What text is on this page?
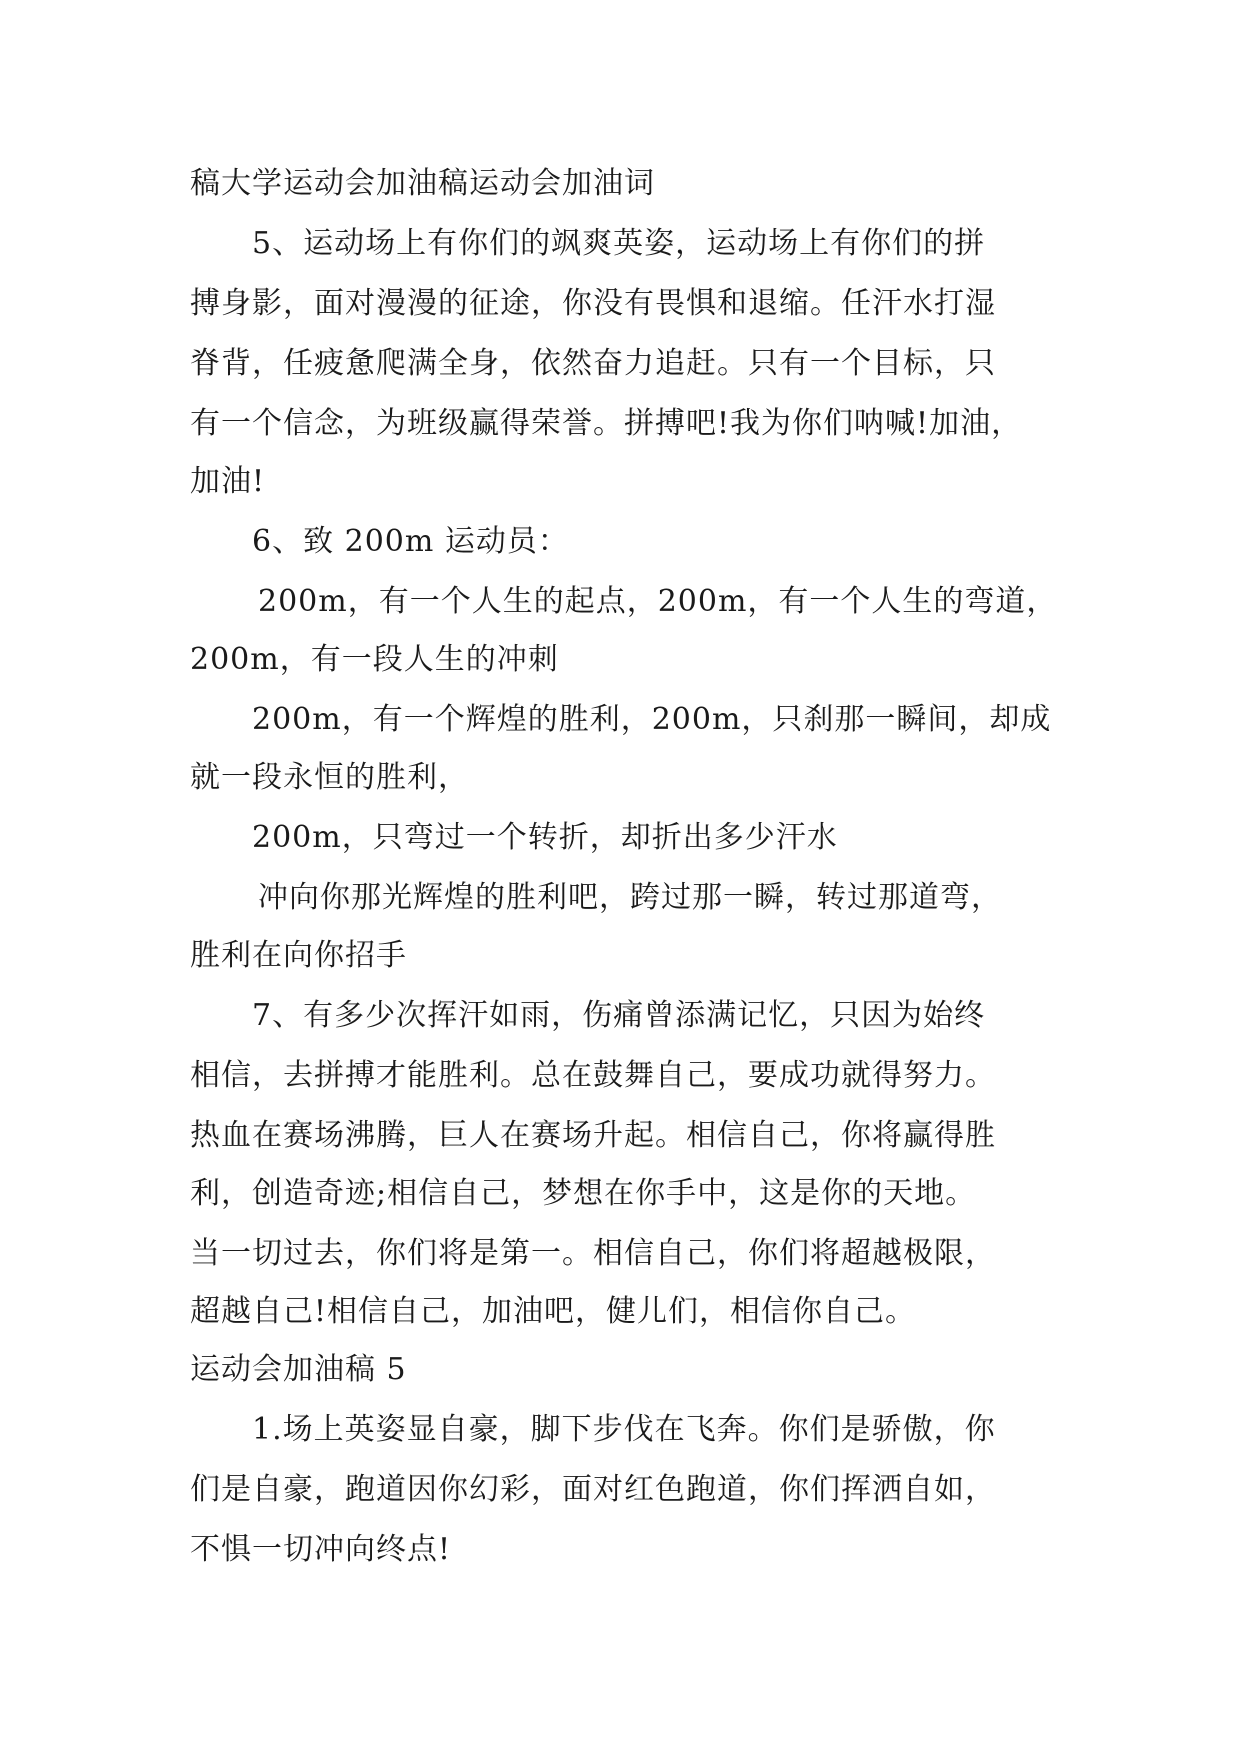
稿大学运动会加油稿运动会加油词
5、运动场上有你们的飒爽英姿，运动场上有你们的拼
搏身影，面对漫漫的征途，你没有畏惧和退缩。任汗水打湿
脊背，任疲惫爬满全身，依然奋力追赶。只有一个目标，只
有一个信念，为班级赢得荣誉。拼搏吧!我为你们呐喊!加油，
加油!
6、致 200m 运动员：
200m，有一个人生的起点，200m，有一个人生的弯道，
200m，有一段人生的冲刺
200m，有一个辉煌的胜利，200m，只刹那一瞬间，却成
就一段永恒的胜利，
200m，只弯过一个转折，却折出多少汗水
冲向你那光辉煌的胜利吧，跨过那一瞬，转过那道弯，
胜利在向你招手
7、有多少次挥汗如雨，伤痛曾添满记忆，只因为始终
相信，去拼搏才能胜利。总在鼓舞自己，要成功就得努力。
热血在赛场沸腾，巨人在赛场升起。相信自己，你将赢得胜
利，创造奇迹;相信自己，梦想在你手中，这是你的天地。
当一切过去，你们将是第一。相信自己，你们将超越极限，
超越自己!相信自己，加油吧，健儿们，相信你自己。
运动会加油稿 5
1.场上英姿显自豪，脚下步伐在飞奔。你们是骄傲，你
们是自豪，跑道因你幻彩，面对红色跑道，你们挥洒自如，
不惧一切冲向终点!
